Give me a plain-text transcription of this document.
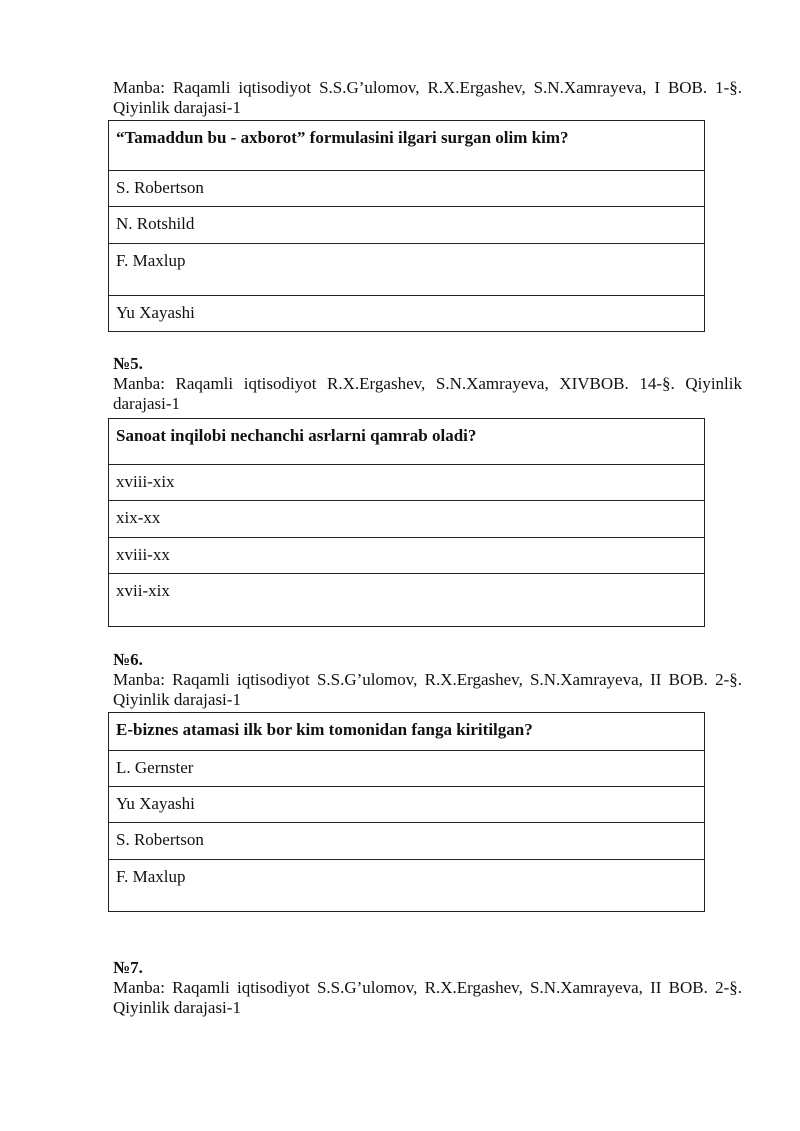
Manba: Raqamli iqtisodiyot S.S.G’ulomov, R.X.Ergashev, S.N.Xamrayeva, I BOB. 1-§. Qiyinlik darajasi-1

“Tamaddun bu - axborot” formulasini ilgari surgan olim kim?
S. Robertson
N. Rotshild
F. Maxlup
Yu Xayashi

№5.

Manba: Raqamli iqtisodiyot R.X.Ergashev, S.N.Xamrayeva, XIVBOB. 14-§. Qiyinlik darajasi-1

Sanoat inqilobi nechanchi asrlarni qamrab oladi?
xviii-xix
xix-xx
xviii-xx
xvii-xix

№6.

Manba: Raqamli iqtisodiyot S.S.G’ulomov, R.X.Ergashev, S.N.Xamrayeva, II BOB. 2-§. Qiyinlik darajasi-1

E-biznes atamasi ilk bor kim tomonidan fanga kiritilgan?
L. Gernster
Yu Xayashi
S. Robertson
F. Maxlup

№7.

Manba: Raqamli iqtisodiyot S.S.G’ulomov, R.X.Ergashev, S.N.Xamrayeva, II BOB. 2-§. Qiyinlik darajasi-1
